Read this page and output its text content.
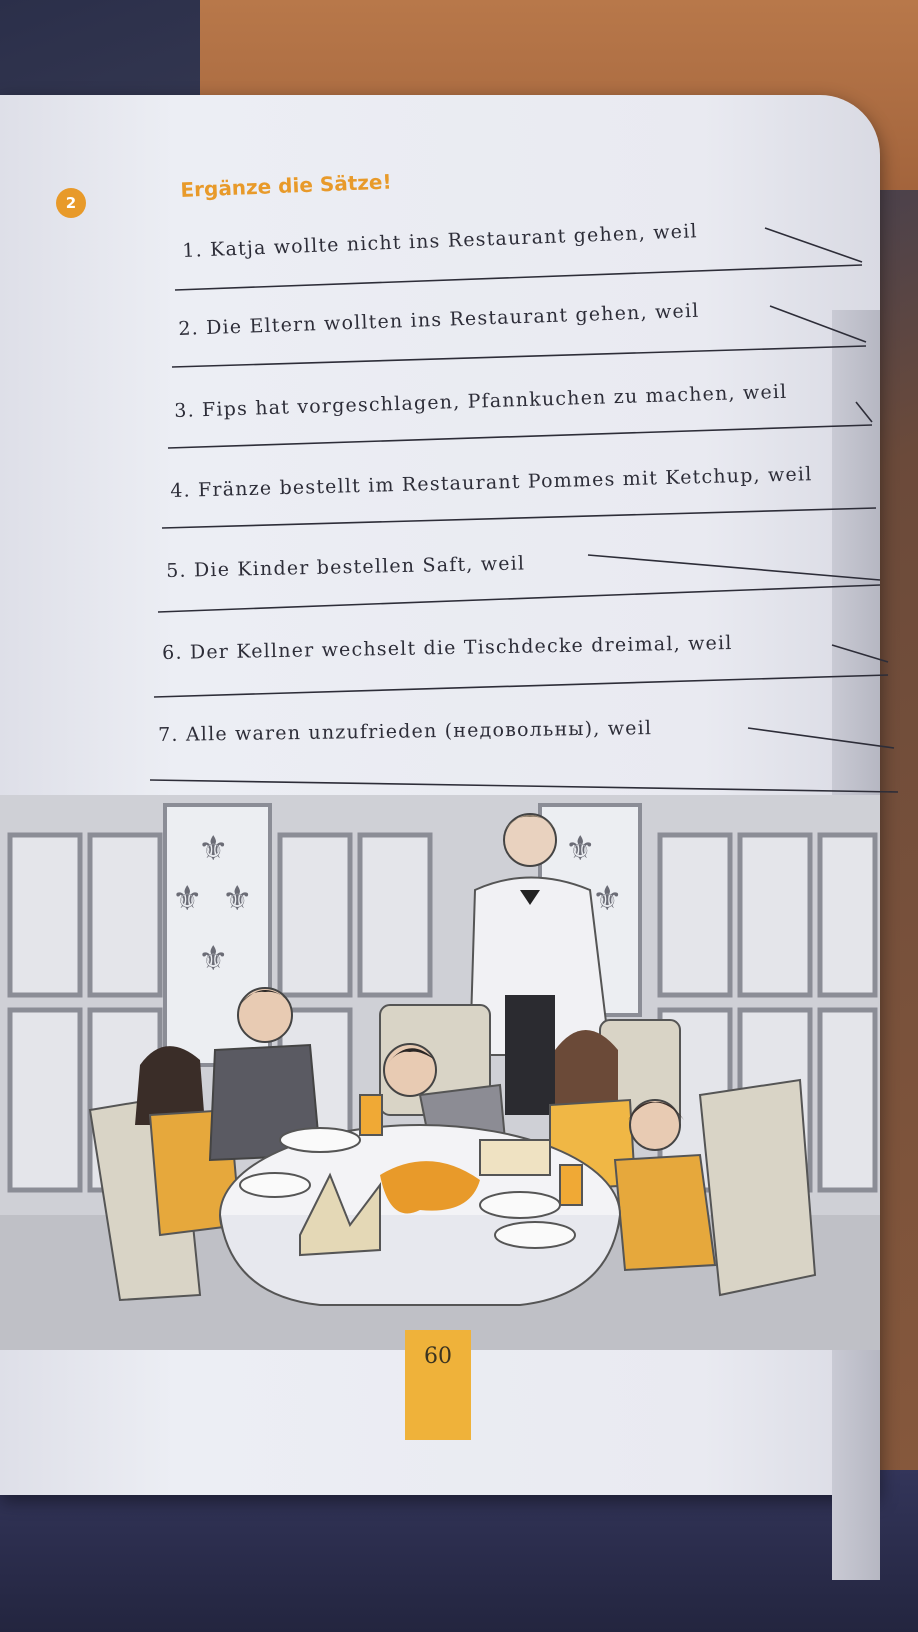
2
Ergänze die Sätze!
1. Katja wollte nicht ins Restaurant gehen, weil
2. Die Eltern wollten ins Restaurant gehen, weil
3. Fips hat vorgeschlagen, Pfannkuchen zu machen, weil
4. Fränze bestellt im Restaurant Pommes mit Ketchup, weil
5. Die Kinder bestellen Saft, weil
6. Der Kellner wechselt die Tischdecke dreimal, weil
7. Alle waren unzufrieden (недовольны), weil
⚜
⚜ ⚜
⚜
⚜
⚜
60
